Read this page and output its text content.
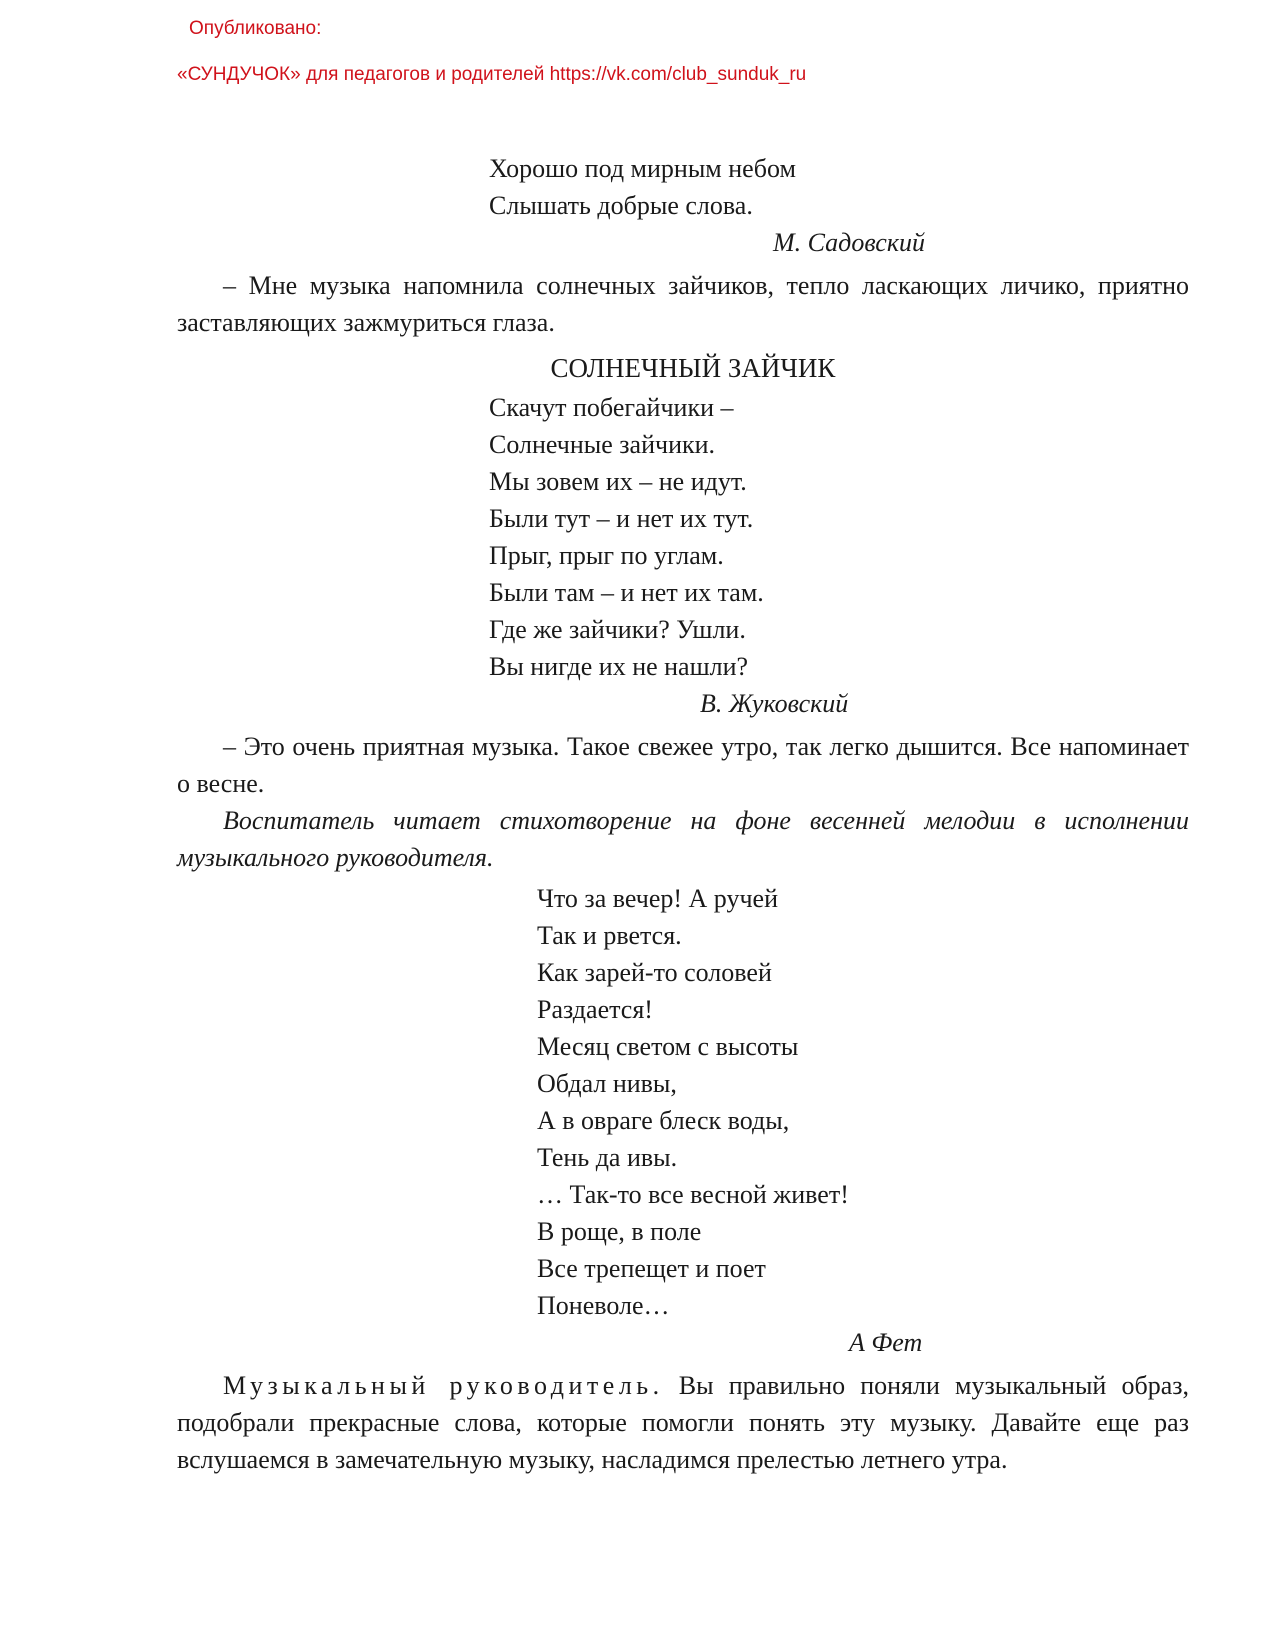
Опубликовано:
«СУНДУЧОК» для педагогов и родителей https://vk.com/club_sunduk_ru
Хорошо под мирным небом
Слышать добрые слова.
М. Садовский

– Мне музыка напомнила солнечных зайчиков, тепло ласкающих личико, приятно заставляющих зажмуриться глаза.

СОЛНЕЧНЫЙ ЗАЙЧИК
Скачут побегайчики –
Солнечные зайчики.
Мы зовем их – не идут.
Были тут – и нет их тут.
Прыг, прыг по углам.
Были там – и нет их там.
Где же зайчики? Ушли.
Вы нигде их не нашли?
В. Жуковский

– Это очень приятная музыка. Такое свежее утро, так легко дышится. Все напоминает о весне.

Воспитатель читает стихотворение на фоне весенней мелодии в исполнении музыкального руководителя.

Что за вечер! А ручей
Так и рвется.
Как зарей-то соловей
Раздается!
Месяц светом с высоты
Обдал нивы,
А в овраге блеск воды,
Тень да ивы.
… Так-то все весной живет!
В роще, в поле
Все трепещет и поет
Поневоле…
А Фет

Музыкальный руководитель. Вы правильно поняли музыкальный образ, подобрали прекрасные слова, которые помогли понять эту музыку. Давайте еще раз вслушаемся в замечательную музыку, насладимся прелестью летнего утра.
